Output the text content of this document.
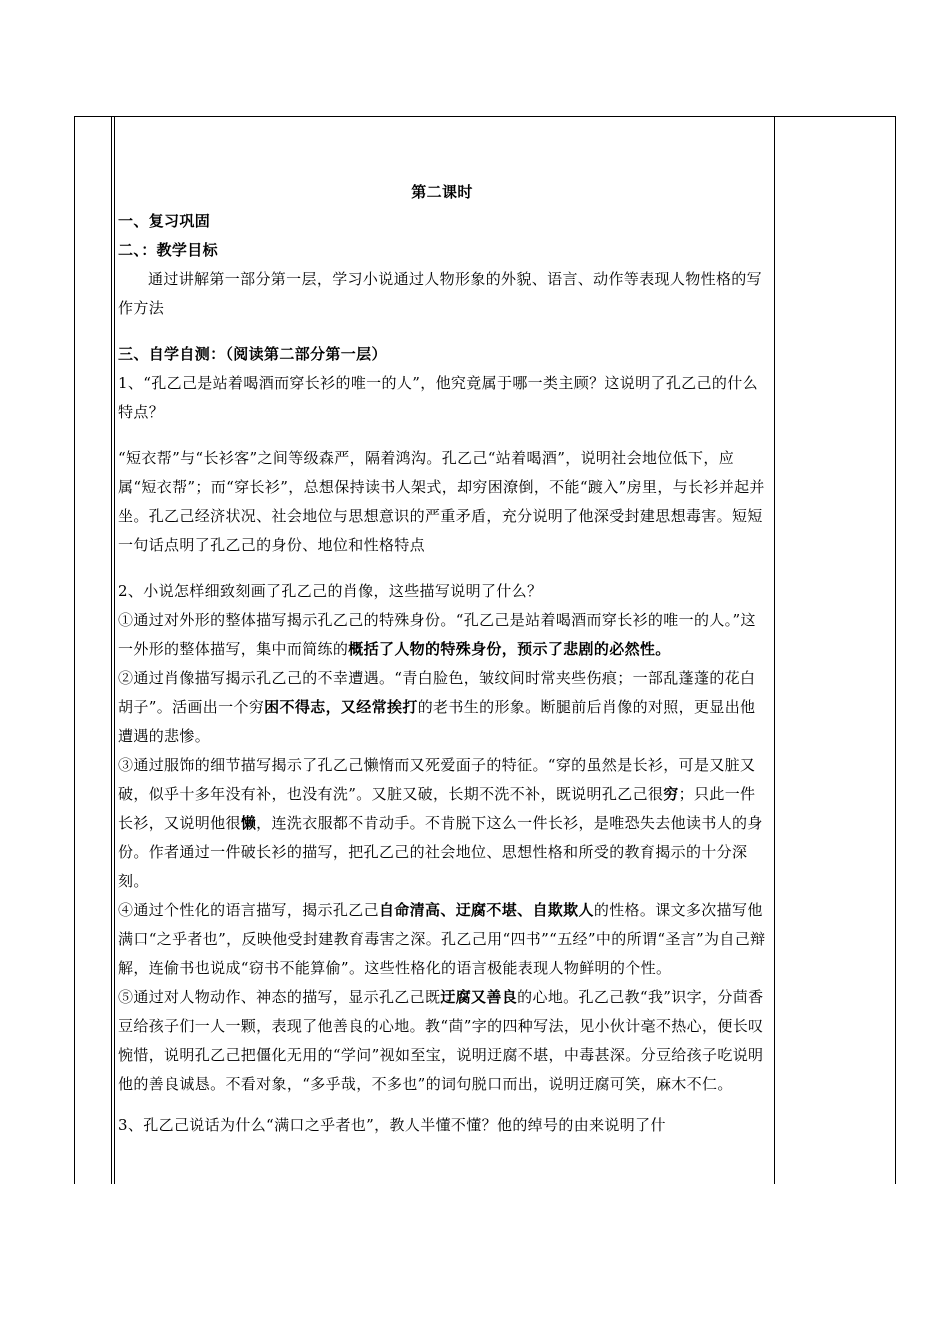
第二课时

一、复习巩固

二、：教学目标

通过讲解第一部分第一层，学习小说通过人物形象的外貌、语言、动作等表现人物性格的写作方法

三、自学自测：（阅读第二部分第一层）

1、“孔乙己是站着喝酒而穿长衫的唯一的人”，他究竟属于哪一类主顾？这说明了孔乙己的什么特点？

“短衣帮”与“长衫客”之间等级森严，隔着鸿沟。孔乙己“站着喝酒”，说明社会地位低下，应属“短衣帮”；而“穿长衫”，总想保持读书人架式，却穷困潦倒，不能“踱入”房里，与长衫并起并坐。孔乙己经济状况、社会地位与思想意识的严重矛盾，充分说明了他深受封建思想毒害。短短一句话点明了孔乙己的身份、地位和性格特点

2、小说怎样细致刻画了孔乙己的肖像，这些描写说明了什么？

①通过对外形的整体描写揭示孔乙己的特殊身份。“孔乙己是站着喝酒而穿长衫的唯一的人。”这一外形的整体描写，集中而简练的概括了人物的特殊身份，预示了悲剧的必然性。

②通过肖像描写揭示孔乙己的不幸遭遇。“青白脸色，皱纹间时常夹些伤痕；一部乱蓬蓬的花白胡子”。活画出一个穷困不得志，又经常挨打的老书生的形象。断腿前后肖像的对照，更显出他遭遇的悲惨。

③通过服饰的细节描写揭示了孔乙己懒惰而又死爱面子的特征。“穿的虽然是长衫，可是又脏又破，似乎十多年没有补，也没有洗”。又脏又破，长期不洗不补，既说明孔乙己很穷；只此一件长衫，又说明他很懒，连洗衣服都不肯动手。不肯脱下这么一件长衫，是唯恐失去他读书人的身份。作者通过一件破长衫的描写，把孔乙己的社会地位、思想性格和所受的教育揭示的十分深刻。

④通过个性化的语言描写，揭示孔乙己自命清高、迂腐不堪、自欺欺人的性格。课文多次描写他满口“之乎者也”，反映他受封建教育毒害之深。孔乙己用“四书”“五经”中的所谓“圣言”为自己辩解，连偷书也说成“窃书不能算偷”。这些性格化的语言极能表现人物鲜明的个性。

⑤通过对人物动作、神态的描写，显示孔乙己既迂腐又善良的心地。孔乙己教“我”识字，分茴香豆给孩子们一人一颗，表现了他善良的心地。教“茴”字的四种写法，见小伙计毫不热心，便长叹惋惜，说明孔乙己把僵化无用的“学问”视如至宝，说明迂腐不堪，中毒甚深。分豆给孩子吃说明他的善良诚恳。不看对象，“多乎哉，不多也”的词句脱口而出，说明迂腐可笑，麻木不仁。

3、孔乙己说话为什么“满口之乎者也”，教人半懂不懂？他的绰号的由来说明了什
